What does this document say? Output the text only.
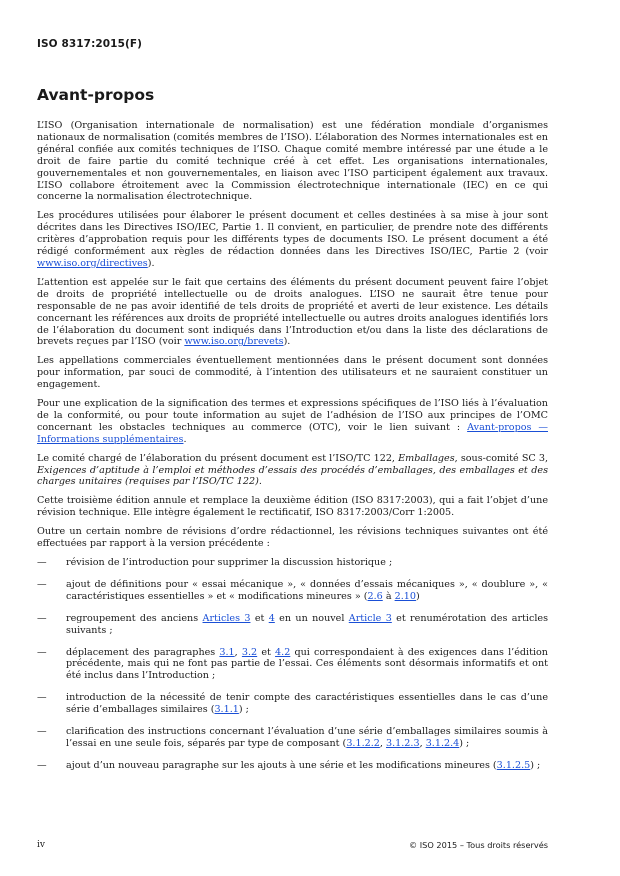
ISO 8317:2015(F)
Avant-propos

L’ISO (Organisation internationale de normalisation) est une fédération mondiale d’organismes nationaux de normalisation (comités membres de l’ISO). L’élaboration des Normes internationales est en général confiée aux comités techniques de l’ISO. Chaque comité membre intéressé par une étude a le droit de faire partie du comité technique créé à cet effet. Les organisations internationales, gouvernementales et non gouvernementales, en liaison avec l’ISO participent également aux travaux. L’ISO collabore étroitement avec la Commission électrotechnique internationale (IEC) en ce qui concerne la normalisation électrotechnique.

Les procédures utilisées pour élaborer le présent document et celles destinées à sa mise à jour sont décrites dans les Directives ISO/IEC, Partie 1. Il convient, en particulier, de prendre note des différents critères d’approbation requis pour les différents types de documents ISO. Le présent document a été rédigé conformément aux règles de rédaction données dans les Directives ISO/IEC, Partie 2 (voir www.iso.org/directives).

L’attention est appelée sur le fait que certains des éléments du présent document peuvent faire l’objet de droits de propriété intellectuelle ou de droits analogues. L’ISO ne saurait être tenue pour responsable de ne pas avoir identifié de tels droits de propriété et averti de leur existence. Les détails concernant les références aux droits de propriété intellectuelle ou autres droits analogues identifiés lors de l’élaboration du document sont indiqués dans l’Introduction et/ou dans la liste des déclarations de brevets reçues par l’ISO (voir www.iso.org/brevets).

Les appellations commerciales éventuellement mentionnées dans le présent document sont données pour information, par souci de commodité, à l’intention des utilisateurs et ne sauraient constituer un engagement.

Pour une explication de la signification des termes et expressions spécifiques de l’ISO liés à l’évaluation de la conformité, ou pour toute information au sujet de l’adhésion de l’ISO aux principes de l’OMC concernant les obstacles techniques au commerce (OTC), voir le lien suivant : Avant-propos — Informations supplémentaires.

Le comité chargé de l’élaboration du présent document est l’ISO/TC 122, Emballages, sous-comité SC 3, Exigences d’aptitude à l’emploi et méthodes d’essais des procédés d’emballages, des emballages et des charges unitaires (requises par l’ISO/TC 122).

Cette troisième édition annule et remplace la deuxième édition (ISO 8317:2003), qui a fait l’objet d’une révision technique. Elle intègre également le rectificatif, ISO 8317:2003/Corr 1:2005.

Outre un certain nombre de révisions d’ordre rédactionnel, les révisions techniques suivantes ont été effectuées par rapport à la version précédente :

— révision de l’introduction pour supprimer la discussion historique ;
— ajout de définitions pour « essai mécanique », « données d’essais mécaniques », « doublure », « caractéristiques essentielles » et « modifications mineures » (2.6 à 2.10)
— regroupement des anciens Articles 3 et 4 en un nouvel Article 3 et renumérotation des articles suivants ;
— déplacement des paragraphes 3.1, 3.2 et 4.2 qui correspondaient à des exigences dans l’édition précédente, mais qui ne font pas partie de l’essai. Ces éléments sont désormais informatifs et ont été inclus dans l’Introduction ;
— introduction de la nécessité de tenir compte des caractéristiques essentielles dans le cas d’une série d’emballages similaires (3.1.1) ;
— clarification des instructions concernant l’évaluation d’une série d’emballages similaires soumis à l’essai en une seule fois, séparés par type de composant (3.1.2.2, 3.1.2.3, 3.1.2.4) ;
— ajout d’un nouveau paragraphe sur les ajouts à une série et les modifications mineures (3.1.2.5) ;
iv	© ISO 2015 – Tous droits réservés
